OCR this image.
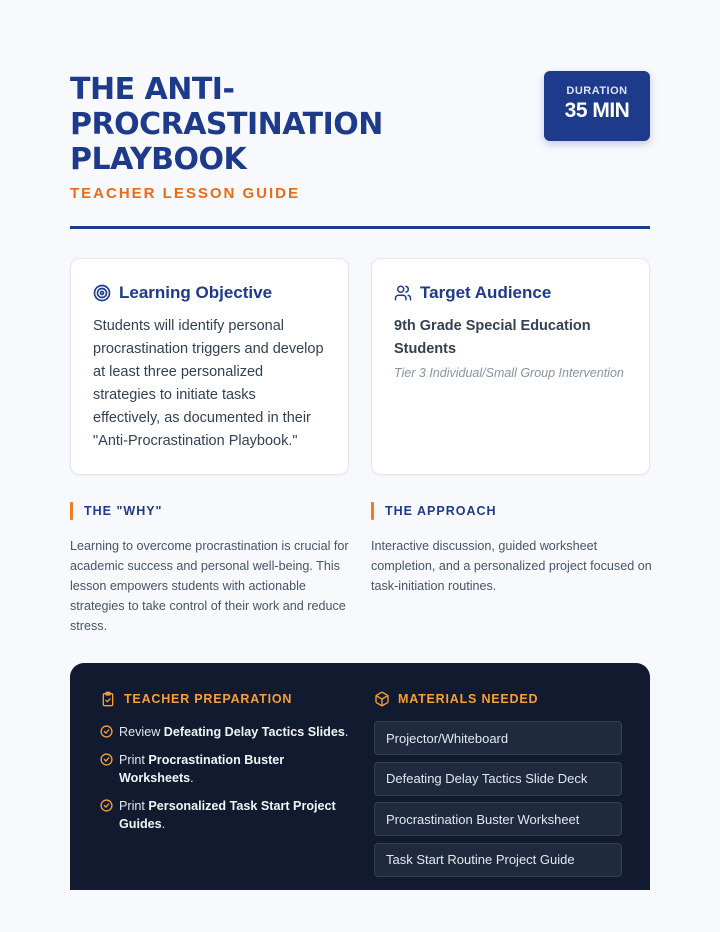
THE ANTI-
PROCRASTINATION
PLAYBOOK
TEACHER LESSON GUIDE
DURATION
35 MIN
Learning Objective

Students will identify personal procrastination triggers and develop at least three personalized strategies to initiate tasks effectively, as documented in their "Anti-Procrastination Playbook."

Target Audience
9th Grade Special Education Students
Tier 3 Individual/Small Group Intervention
THE "WHY"

Learning to overcome procrastination is crucial for academic success and personal well-being. This lesson empowers students with actionable strategies to take control of their work and reduce stress.

THE APPROACH

Interactive discussion, guided worksheet completion, and a personalized project focused on task-initiation routines.

TEACHER PREPARATION
Review Defeating Delay Tactics Slides.
Print Procrastination Buster Worksheets.
Print Personalized Task Start Project Guides.
MATERIALS NEEDED
Projector/Whiteboard
Defeating Delay Tactics Slide Deck
Procrastination Buster Worksheet
Task Start Routine Project Guide
